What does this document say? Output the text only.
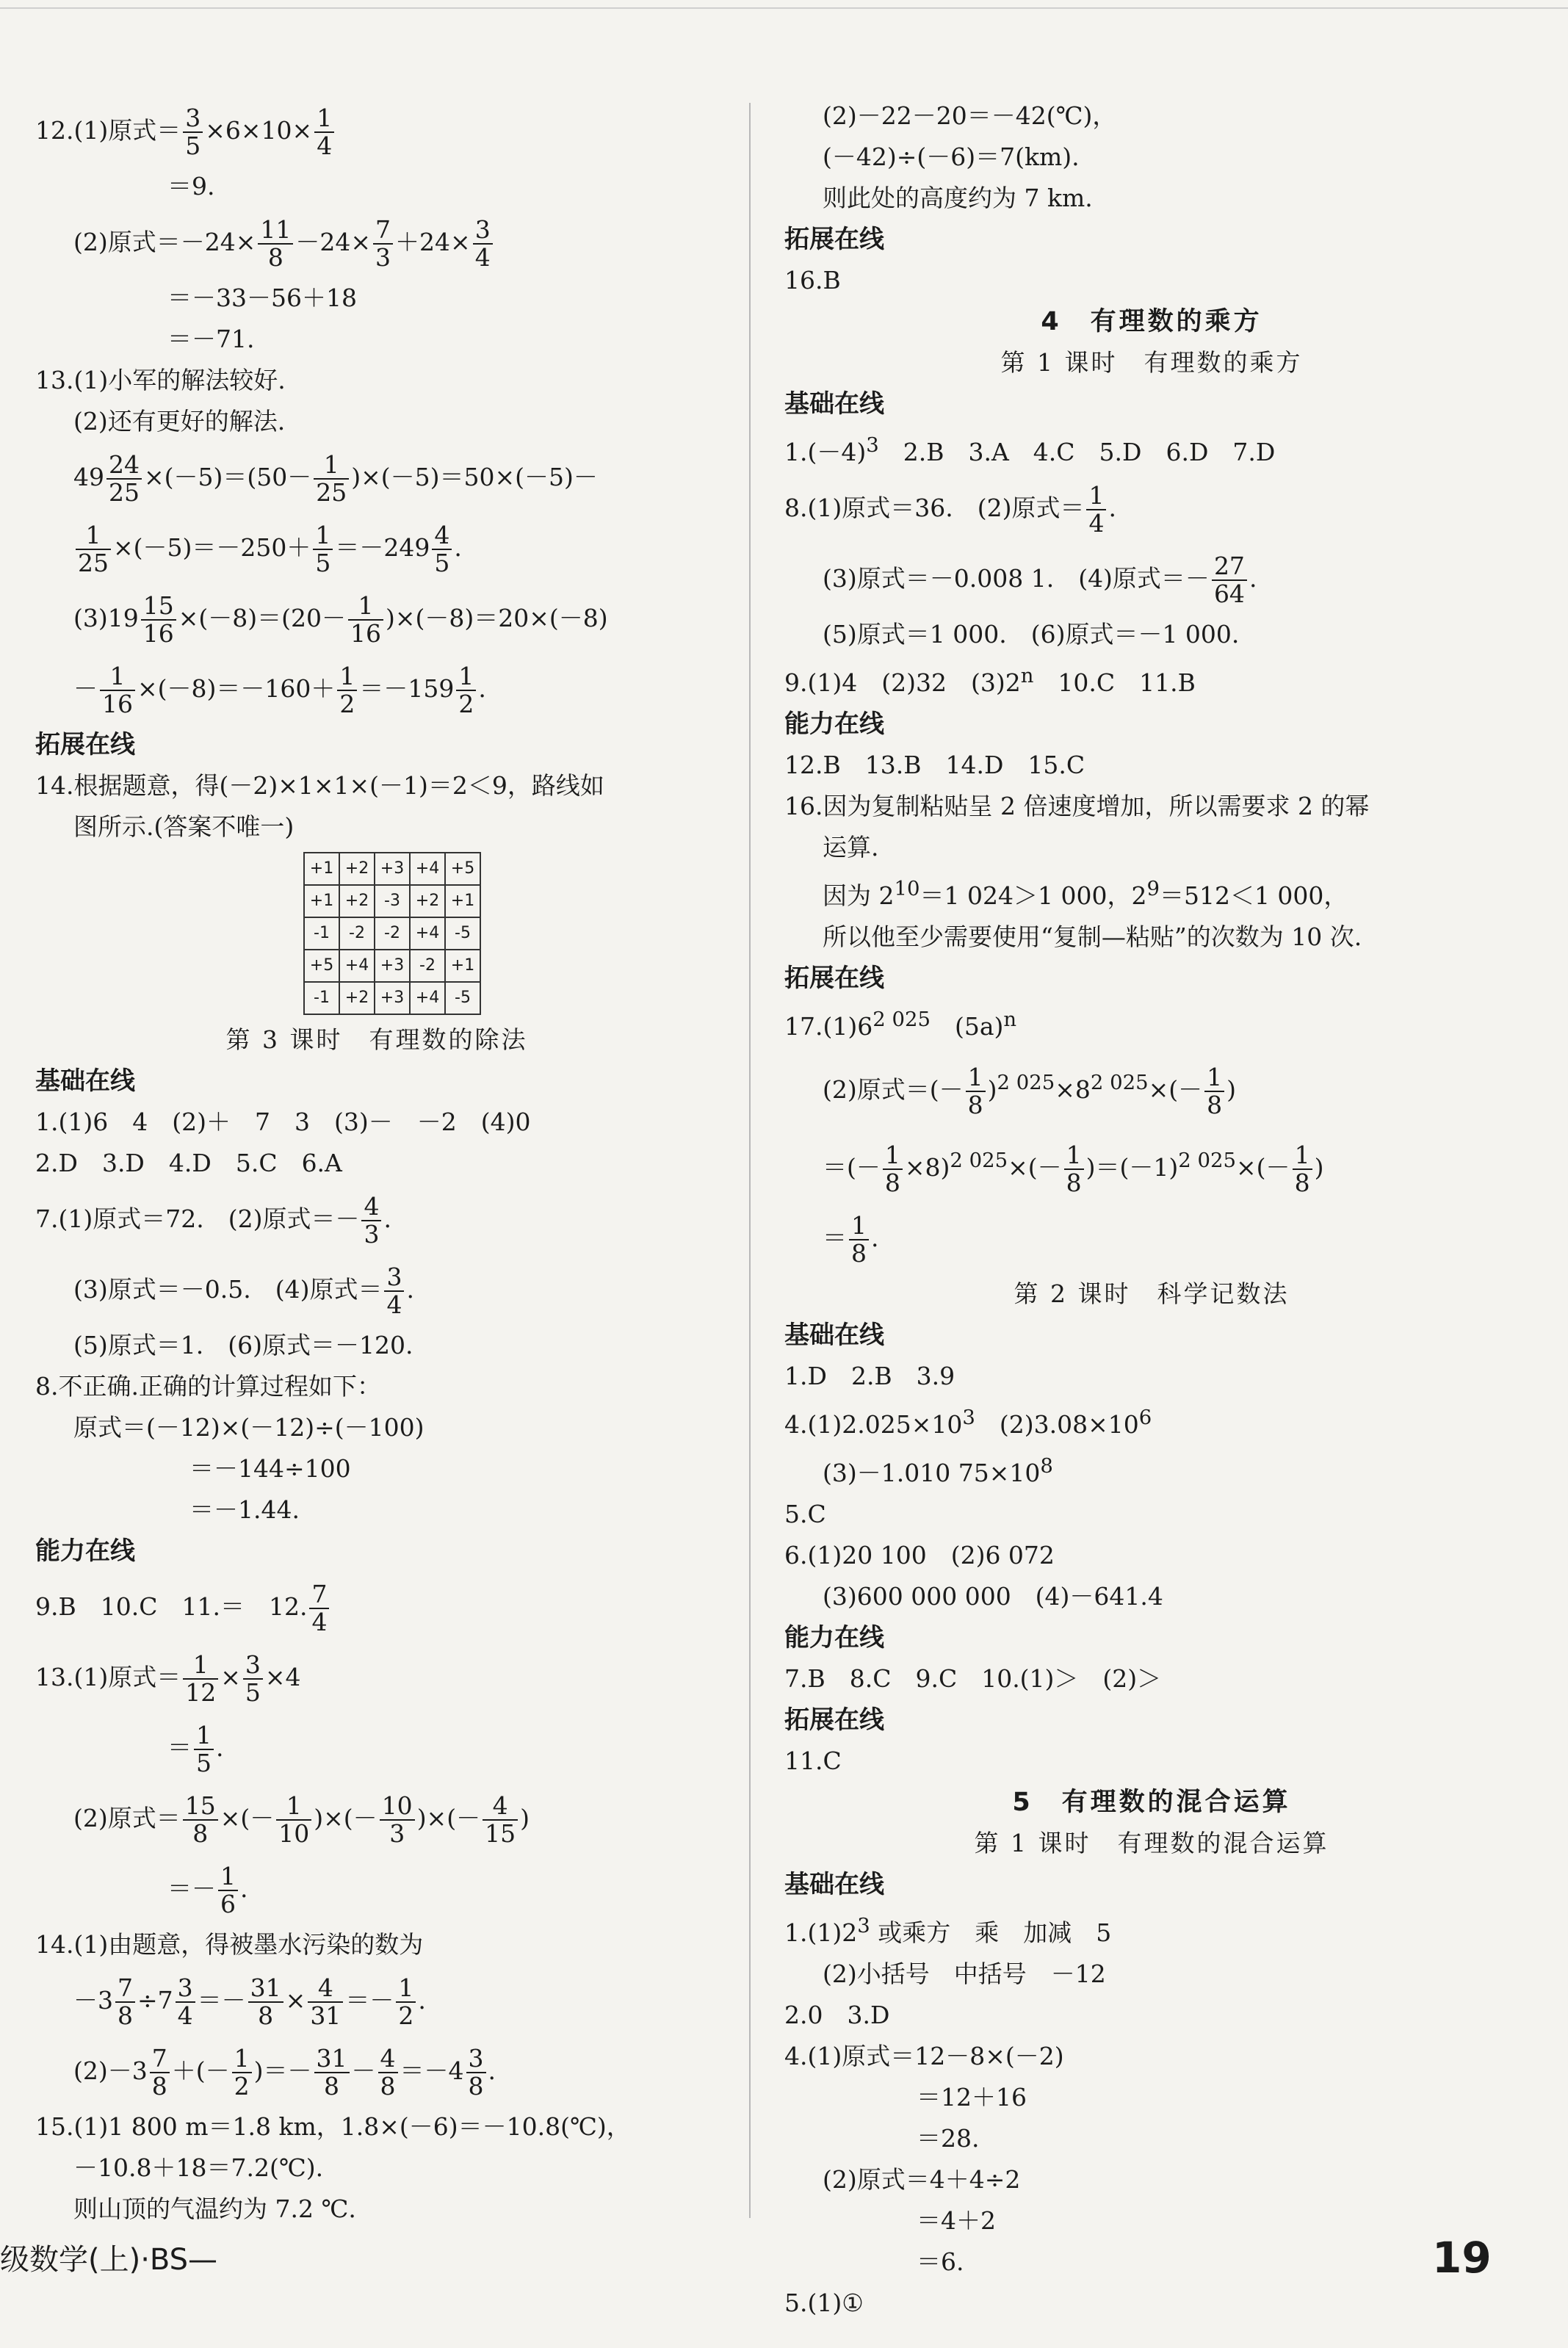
12.(1)原式＝ $\frac{3}{5} \times 6\times 10\times \frac{1}{4}$
＝9.
(2)原式$=-24\times \frac{11}{8} -24\times \frac{7}{3} +24\times \frac{3}{4}$
＝－33－56＋18
＝－71.
13.(1)小军的解法较好.
(2)还有更好的解法.
$49 \frac{24}{25} \times(-5)=(50- \frac{1}{25} )\times(-5)=50\times(-5)-$
$\frac{1}{25} \times(-5)=-250+ \frac{1}{5} =-249 \frac{4}{5}$ .
$(3)19 \frac{15}{16} \times(-8)=(20- \frac{1}{16} )\times(-8)=20\times(-8)$
－ $\frac{1}{16} \times(-8)=-160+ \frac{1}{2} =-159 \frac{1}{2}$ .
拓展在线
14.根据题意，得(－2)×1×1×(－1)＝2＜9，路线如
图所示.(答案不唯一)
+1	+2	+3	+4	+5
+1	+2	-3	+2	+1
-1	-2	-2	+4	-5
+5	+4	+3	-2	+1
-1	+2	+3	+4	-5
第 3 课时　有理数的除法
基础在线
1.(1)6　4　(2)＋　7　3　(3)－　－2　(4)0
2.D　3.D　4.D　5.C　6.A
7.(1)原式＝72.　(2)原式＝－ $\frac{4}{3}$ .
(3)原式＝－0.5.　(4)原式＝ $\frac{3}{4}$ .
(5)原式＝1.　(6)原式＝－120.
8.不正确.正确的计算过程如下：
原式＝(－12)×(－12)÷(－100)
＝－144÷100
＝－1.44.
能力在线
9.B　10.C　11.＝　12. $\frac{7}{4}$
13.(1)原式＝ $\frac{1}{12} \times \frac{3}{5} \times 4$
＝ $\frac{1}{5}$ .
(2)原式＝ $\frac{15}{8}$ ×(－ $\frac{1}{10}$ )×(－ $\frac{10}{3}$ )×(－ $\frac{4}{15}$ )
＝－ $\frac{1}{6}$ .
14.(1)由题意，得被墨水污染的数为
$-3 \frac{7}{8} \div 7 \frac{3}{4} =- \frac{31}{8} \times \frac{4}{31} =- \frac{1}{2}$ .
$(2)-3 \frac{7}{8}$ ＋(－ $\frac{1}{2}$ )＝－ $\frac{31}{8} - \frac{4}{8} =-4 \frac{3}{8}$ .
15.(1)1 800 m＝1.8 km，1.8×(－6)＝－10.8(℃)，
－10.8＋18＝7.2(℃).
则山顶的气温约为 7.2 ℃.
(2)－22－20＝－42(℃)，
(－42)÷(－6)＝7(km).
则此处的高度约为 7 km.
拓展在线
16.B
4　有理数的乘方
第 1 课时　有理数的乘方
基础在线
$1.(-4)^3$　2.B　3.A　4.C　5.D　6.D　7.D
8.(1)原式＝36.　(2)原式＝ $\frac{1}{4}$ .
(3)原式＝－0.008 1.　(4)原式＝－ $\frac{27}{64}$ .
(5)原式＝1 000.　(6)原式＝－1 000.
9.(1)4　(2)32　(3)2$^n$　10.C　11.B
能力在线
12.B　13.B　14.D　15.C
16.因为复制粘贴呈 2 倍速度增加，所以需要求 2 的幂
运算.
因为 $2^{10}=1$ 024＞1 000，$2^9=512<1$ 000，
所以他至少需要使用“复制—粘贴”的次数为 10 次.
拓展在线
$17.(1)6^{2 025}$　$(5a)^n$
(2)原式＝(－ $\frac{1}{8} )^{2 025}\times 8^{2 025}\times(- \frac{1}{8}$ )
＝(－ $\frac{1}{8} \times 8)^{2 025}\times(- \frac{1}{8} )=(-1)^{2 025}\times(- \frac{1}{8}$ )
＝ $\frac{1}{8}$ .
第 2 课时　科学记数法
基础在线
1.D　2.B　3.9
$4.(1)2.025\times 10^3$　$(2)3.08\times 10^6$
(3)－1.010 $75\times 10^8$
5.C
6.(1)20 100　(2)6 072
(3)600 000 000　(4)－641.4
能力在线
7.B　8.C　9.C　10.(1)＞　(2)＞
拓展在线
11.C
5　有理数的混合运算
第 1 课时　有理数的混合运算
基础在线
$1.(1)2^3$ 或乘方　乘　加减　5
(2)小括号　中括号　－12
2.0　3.D
4.(1)原式＝12－8×(－2)
＝12＋16
＝28.
(2)原式＝4＋4÷2
＝4＋2
＝6.
5.(1)①
级数学(上)·BS—	19
